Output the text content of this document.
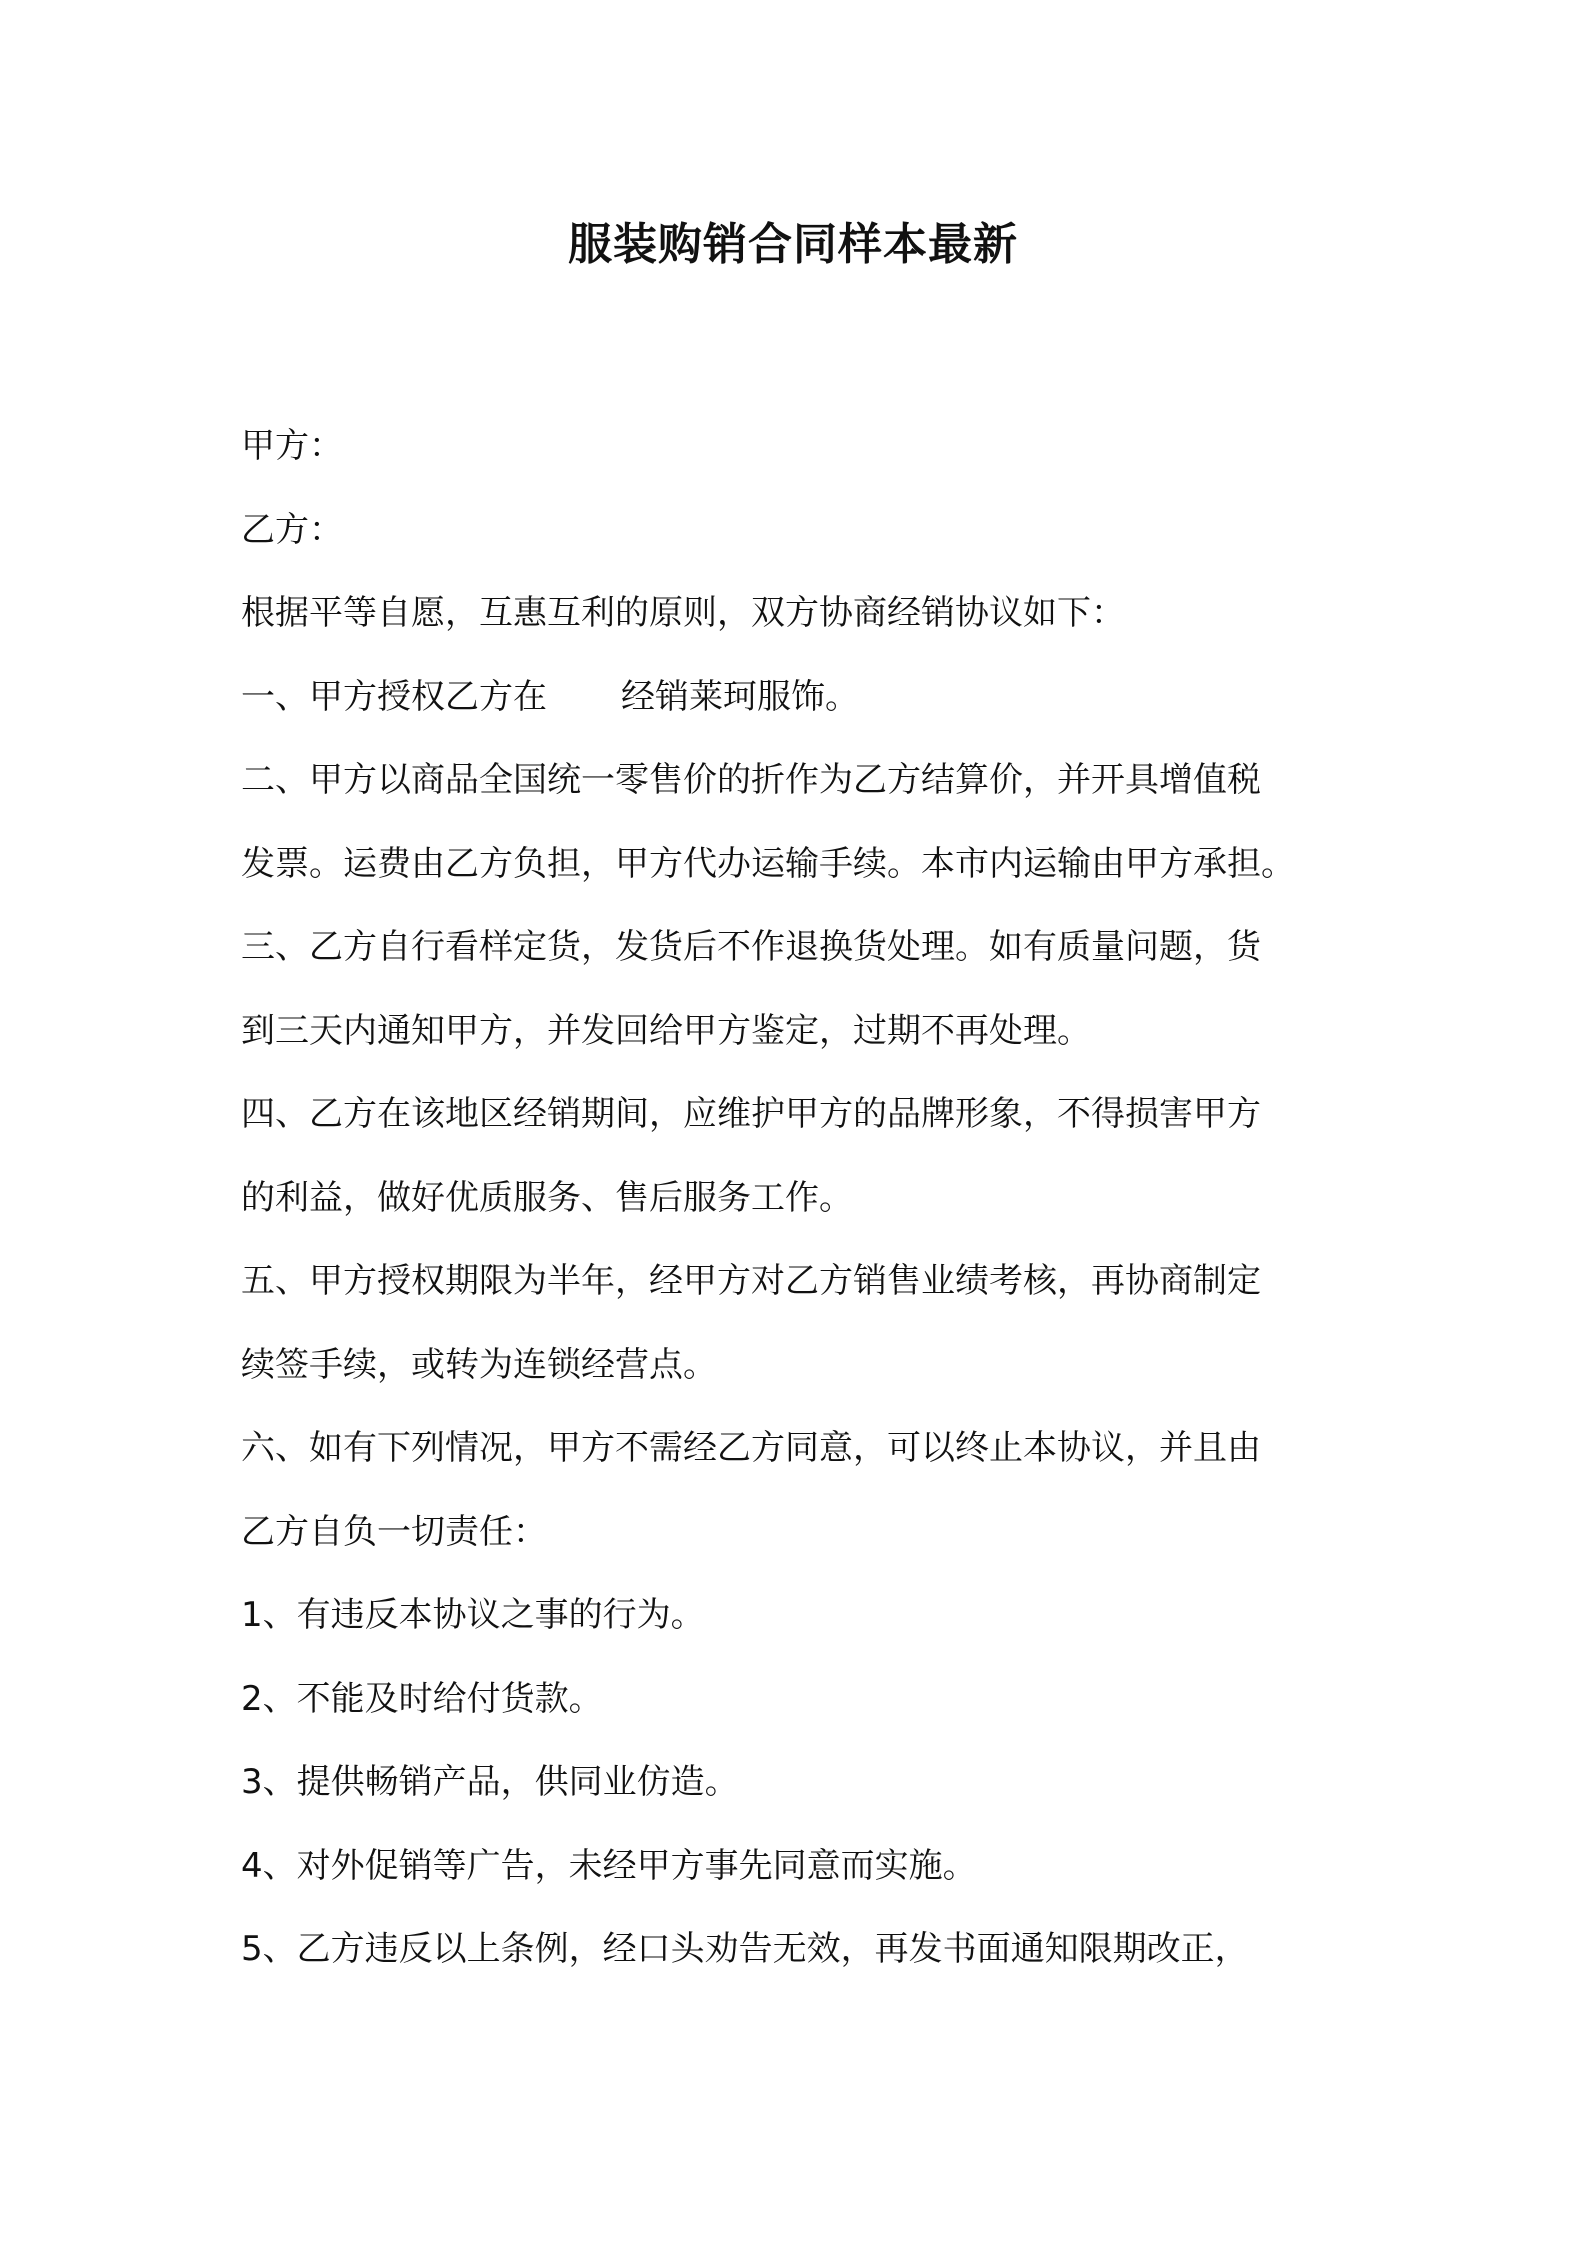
服装购销合同样本最新
甲方：
乙方：
根据平等自愿，互惠互利的原则，双方协商经销协议如下：
一、甲方授权乙方在 经销莱珂服饰。
二、甲方以商品全国统一零售价的折作为乙方结算价，并开具增值税
发票。运费由乙方负担，甲方代办运输手续。本市内运输由甲方承担。
三、乙方自行看样定货，发货后不作退换货处理。如有质量问题，货
到三天内通知甲方，并发回给甲方鉴定，过期不再处理。
四、乙方在该地区经销期间，应维护甲方的品牌形象，不得损害甲方
的利益，做好优质服务、售后服务工作。
五、甲方授权期限为半年，经甲方对乙方销售业绩考核，再协商制定
续签手续，或转为连锁经营点。
六、如有下列情况，甲方不需经乙方同意，可以终止本协议，并且由
乙方自负一切责任：
1、有违反本协议之事的行为。
2、不能及时给付货款。
3、提供畅销产品，供同业仿造。
4、对外促销等广告，未经甲方事先同意而实施。
5、乙方违反以上条例，经口头劝告无效，再发书面通知限期改正，
